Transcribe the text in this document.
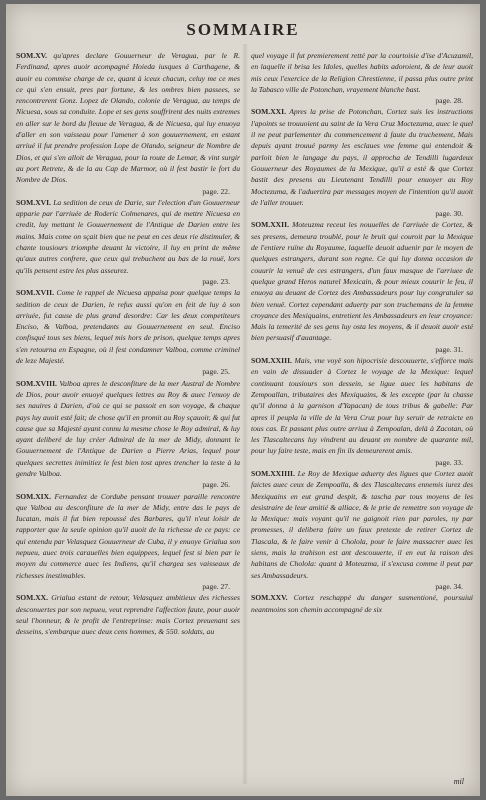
SOMMAIRE

SOM.XV. qu'apres declare Gouuerneur de Veragua, par le R. Ferdinand, apres auoir acompagné Hoieda iusques à Carthagene, & auoir eu commise charge de ce, quant à iceux chacun, celuy me ce mes ce qui s'en ensuit, pres par fortune, & les ombres bien passees, se rencontrerent Gonz. Lopez de Olando, colonie de Veragua, au temps de Nicuesa, sous sa conduite. Lope et ses gens souffrirent des nuits extremes en aller sur le bord du fleuue de Veragua, & de Nicuesa, qui luy enuoya d'aller en son vaisseau pour l'amener à son gouuernement, en estant arriué il fut prendre profession Lope de Olando, seigneur de Nombre de Dios, et qui s'en alloit de Veragua, pour la route de Lemar, & vint surgir au port Retrete, & de la au Cap de Marmor, où il fest bastir le fort du Nombre de Dios.

page. 22.

SOM.XVI. La sedition de ceux de Darie, sur l'election d'un Gouuerneur apparie par l'arriuée de Roderic Colmenares, qui de mettre Nicuesa en credit, luy mettant le Gouuernement de l'Antique de Darien entre les mains. Mais come on sçait bien que ne peut en ces deux rie distimuler, & chante tousiours triomphe deuant la victoire, il luy en print de même qu'aux autres confrere, que ceux qui trebuchent au bas de la rouë, lors qu'ils pensent estre les plus asseurez.

page. 23.

SOM.XVII. Come le rappel de Nicuesa appaisa pour quelque temps la sedition de ceux de Darien, le refus aussi qu'on en feit de luy à son arriuée, fut cause de plus grand desordre: Car les deux competiteurs Enciso, & Valboa, pretendants au Gouuernement en seul. Enciso confisqué tous ses biens, lequel mis hors de prison, quelque temps apres s'en retourna en Espagne, où il fest condamner Valboa, comme criminel de leze Majesté.

page. 25.

SOM.XVIII. Valboa apres le desconfiture de la mer Austral de Nombre de Dios, pour auoir enuoyé quelques lettres au Roy & auec l'enuoy de ses nauires à Darien, d'où ce qui se passoit en son voyage, & chaque pays luy auoit esté fait; de chose qu'il en promit au Roy sçauoir, & qui fut cause que sa Majesté ayant connu la mesme chose le Roy admiral, & luy ayant deliberé de luy créer Admiral de la mer de Midy, donnant le Gouuernement de l'Antique de Darien a Pierre Arias, lequel pour quelques secrettes inimitiez le fest bien tost apres trencher la teste à la gendre Valboa.

page. 26.

SOM.XIX. Fernandez de Cordube pensant trouuer paraille rencontre que Valboa au desconfiture de la mer de Midy, entre das le pays de Iucatan, mais il fut bien repoussé des Barbares, qu'il n'eut loisir de rapporter que la seule opinion qu'il auoit de la richesse de ce pays: ce qui entendu par Velasquez Gouuerneur de Cuba, il y enuoye Grialua son nepueu, auec trois carauelles bien equippees, lequel fest si bien par le moyen du commerce auec les Indiens, qu'il chargea ses vaisseaux de richesses inestimables.

page. 27.

SOM.XX. Grialua estant de retour, Velasquez ambitieux des richesses desconuertes par son nepueu, veut reprendre l'affection faute, pour auoir seul l'honneur, & le profit de l'entreprinse: mais Cortez preuenant ses desseins, s'embarque auec deux cens hommes, & 550. soldats, au

quel voyage il fut premierement retté par la courtoisie d'ise d'Acuzamil, en laquelle il brisa les Idoles, quelles habits adoroient, & de leur auoit mis ceux l'exercice de la Religion Chrestienne, il passa plus outre print la Tabasco ville de Potonchan, vrayement blanche bast.

page. 28.

SOM.XXI. Apres la prise de Potonchan, Cortez suis les instructions l'apoints se trouuoient au saint de la Vera Cruz Moctezuma, auec le quel il ne peut parlementer du commencement à faute du truchement, Mais depuis ayant trouué parmy les esclaues vne femme qui entendoit & parloit bien le langage du pays, il approcha de Tendilli lugardeux Gouuerneur des Royaumes de la Mexique, qu'il a esté & que Cortez bastit des presens au Lieutenant Tendilli pour enuoyer au Roy Moctezuma, & l'aduertira par messages moyen de l'intention qu'il auoit de l'aller trouuer.

page. 30.

SOM.XXII. Moteuzma receut les nouuelles de l'arriuée de Cortez, & ses presens, demeura troublé, pour le bruit qui couroit par la Mexique de l'entiere ruïne du Royaume, laquelle deuoit aduenir par le moyen de quelques estrangers, durant son regne. Ce qui luy donna occasion de couurir la venuë de ces estrangers, d'un faux masque de l'arriuee de quelque grand Heros naturel Mexicain, & pour mieux couurir le feu, il enuoya au deuant de Cortez des Ambassadeurs pour luy congratuler sa bien venuë. Cortez cependant aduerty par son truchemans de la femme croyance des Mexiquains, entretient les Ambassadeurs en leur croyance: Mais la temerité de ses gens luy osta les moyens, & il deuoit auoir esté bien persuasif d'auantage.

page. 31.

SOM.XXIII. Mais, vne voyë son hipocrisie descouuerte, s'efforce mais en vain de dissuader à Cortez le voyage de la Mexique: lequel continuant tousiours son dessein, se ligue auec les habitans de Zempoallan, tributaires des Mexiquains, & les excepte (par la chasse qu'il donna à la garnison d'Yapacan) de tous tribus & gabelle: Par apres il peupla la ville de la Vera Cruz pour luy seruir de retraicte en tous cas. Et passant plus outre arriua à Zempoalan, delà à Zacotan, où les Tlascaltecans luy vindrent au deuant en nombre de quarante mil, pour luy faire teste, mais en fin ils demeurerent amis.

page. 33.

SOM.XXIIII. Le Roy de Mexique aduerty des ligues que Cortez auoit faictes auec ceux de Zempoalla, & des Tlascaltecans ennemis iurez des Mexiquains en eut grand despit, & tascha par tous moyens de les desistraire de leur amitié & alliace, & le prie de remettre son voyage de la Mexique: mais voyant qu'il ne gaignoit rien par paroles, ny par promesses, il delibera faire un faux pretexte de retirer Cortez de Tlascala, & le faire venir à Cholola, pour le faire massacrer auec les siens, mais la trahison est ant descouuerte, il en eut la raison des habitans de Cholola: quant à Moteuzma, il s'excusa comme il peut par ses Ambassadeurs.

page. 34.

SOM.XXV. Cortez reschappé du danger susmentioné, poursuiui neantmoins son chemin accompagné de six

mil
